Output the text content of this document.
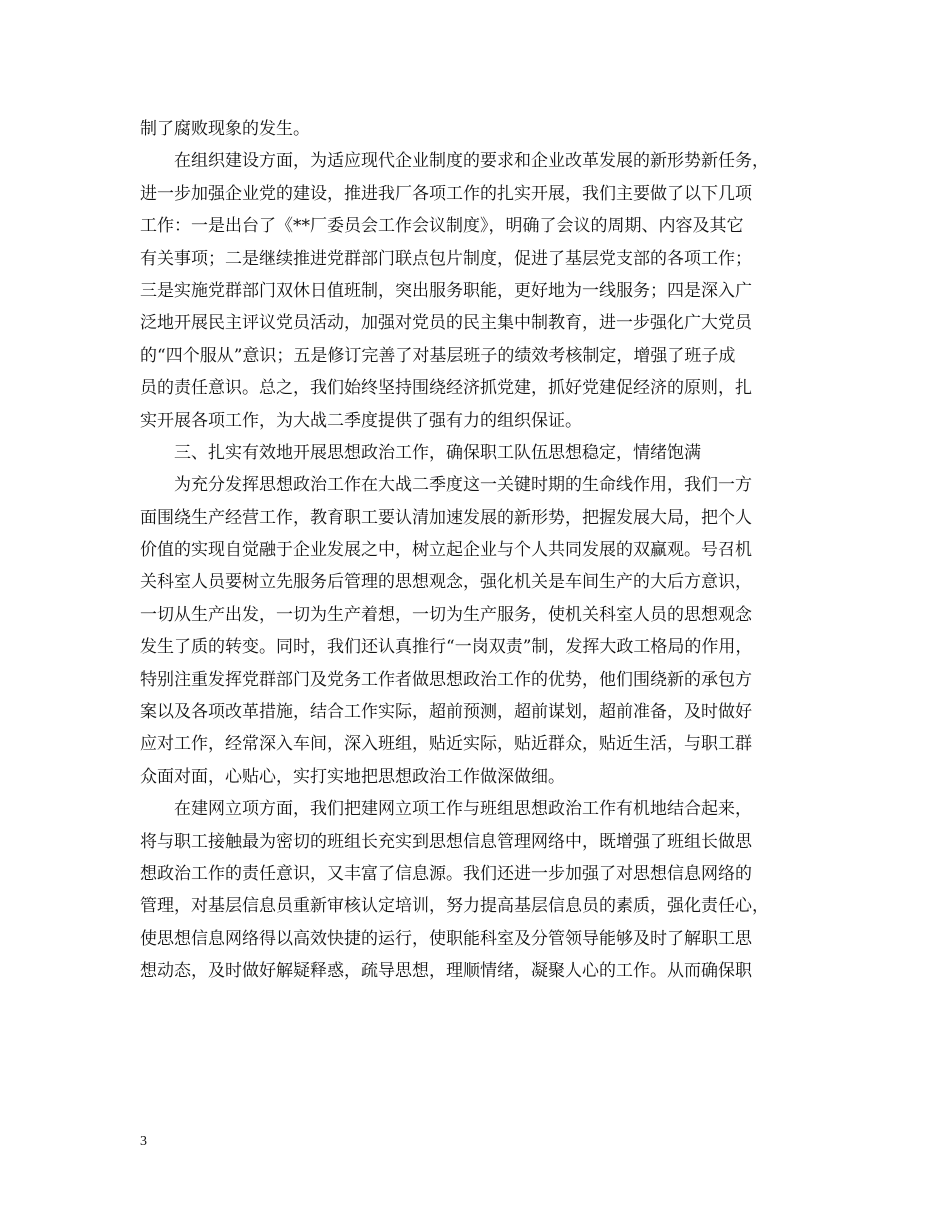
制了腐败现象的发生。
在组织建设方面，为适应现代企业制度的要求和企业改革发展的新形势新任务，
进一步加强企业党的建设，推进我厂各项工作的扎实开展，我们主要做了以下几项
工作：一是出台了《**厂委员会工作会议制度》，明确了会议的周期、内容及其它
有关事项；二是继续推进党群部门联点包片制度，促进了基层党支部的各项工作；
三是实施党群部门双休日值班制，突出服务职能，更好地为一线服务；四是深入广
泛地开展民主评议党员活动，加强对党员的民主集中制教育，进一步强化广大党员
的“四个服从”意识；五是修订完善了对基层班子的绩效考核制定，增强了班子成
员的责任意识。总之，我们始终坚持围绕经济抓党建，抓好党建促经济的原则，扎
实开展各项工作，为大战二季度提供了强有力的组织保证。
三、扎实有效地开展思想政治工作，确保职工队伍思想稳定，情绪饱满
为充分发挥思想政治工作在大战二季度这一关键时期的生命线作用，我们一方
面围绕生产经营工作，教育职工要认清加速发展的新形势，把握发展大局，把个人
价值的实现自觉融于企业发展之中，树立起企业与个人共同发展的双赢观。号召机
关科室人员要树立先服务后管理的思想观念，强化机关是车间生产的大后方意识，
一切从生产出发，一切为生产着想，一切为生产服务，使机关科室人员的思想观念
发生了质的转变。同时，我们还认真推行“一岗双责”制，发挥大政工格局的作用，
特别注重发挥党群部门及党务工作者做思想政治工作的优势，他们围绕新的承包方
案以及各项改革措施，结合工作实际，超前预测，超前谋划，超前准备，及时做好
应对工作，经常深入车间，深入班组，贴近实际，贴近群众，贴近生活，与职工群
众面对面，心贴心，实打实地把思想政治工作做深做细。
在建网立项方面，我们把建网立项工作与班组思想政治工作有机地结合起来，
将与职工接触最为密切的班组长充实到思想信息管理网络中，既增强了班组长做思
想政治工作的责任意识，又丰富了信息源。我们还进一步加强了对思想信息网络的
管理，对基层信息员重新审核认定培训，努力提高基层信息员的素质，强化责任心，
使思想信息网络得以高效快捷的运行，使职能科室及分管领导能够及时了解职工思
想动态，及时做好解疑释惑，疏导思想，理顺情绪，凝聚人心的工作。从而确保职
3
